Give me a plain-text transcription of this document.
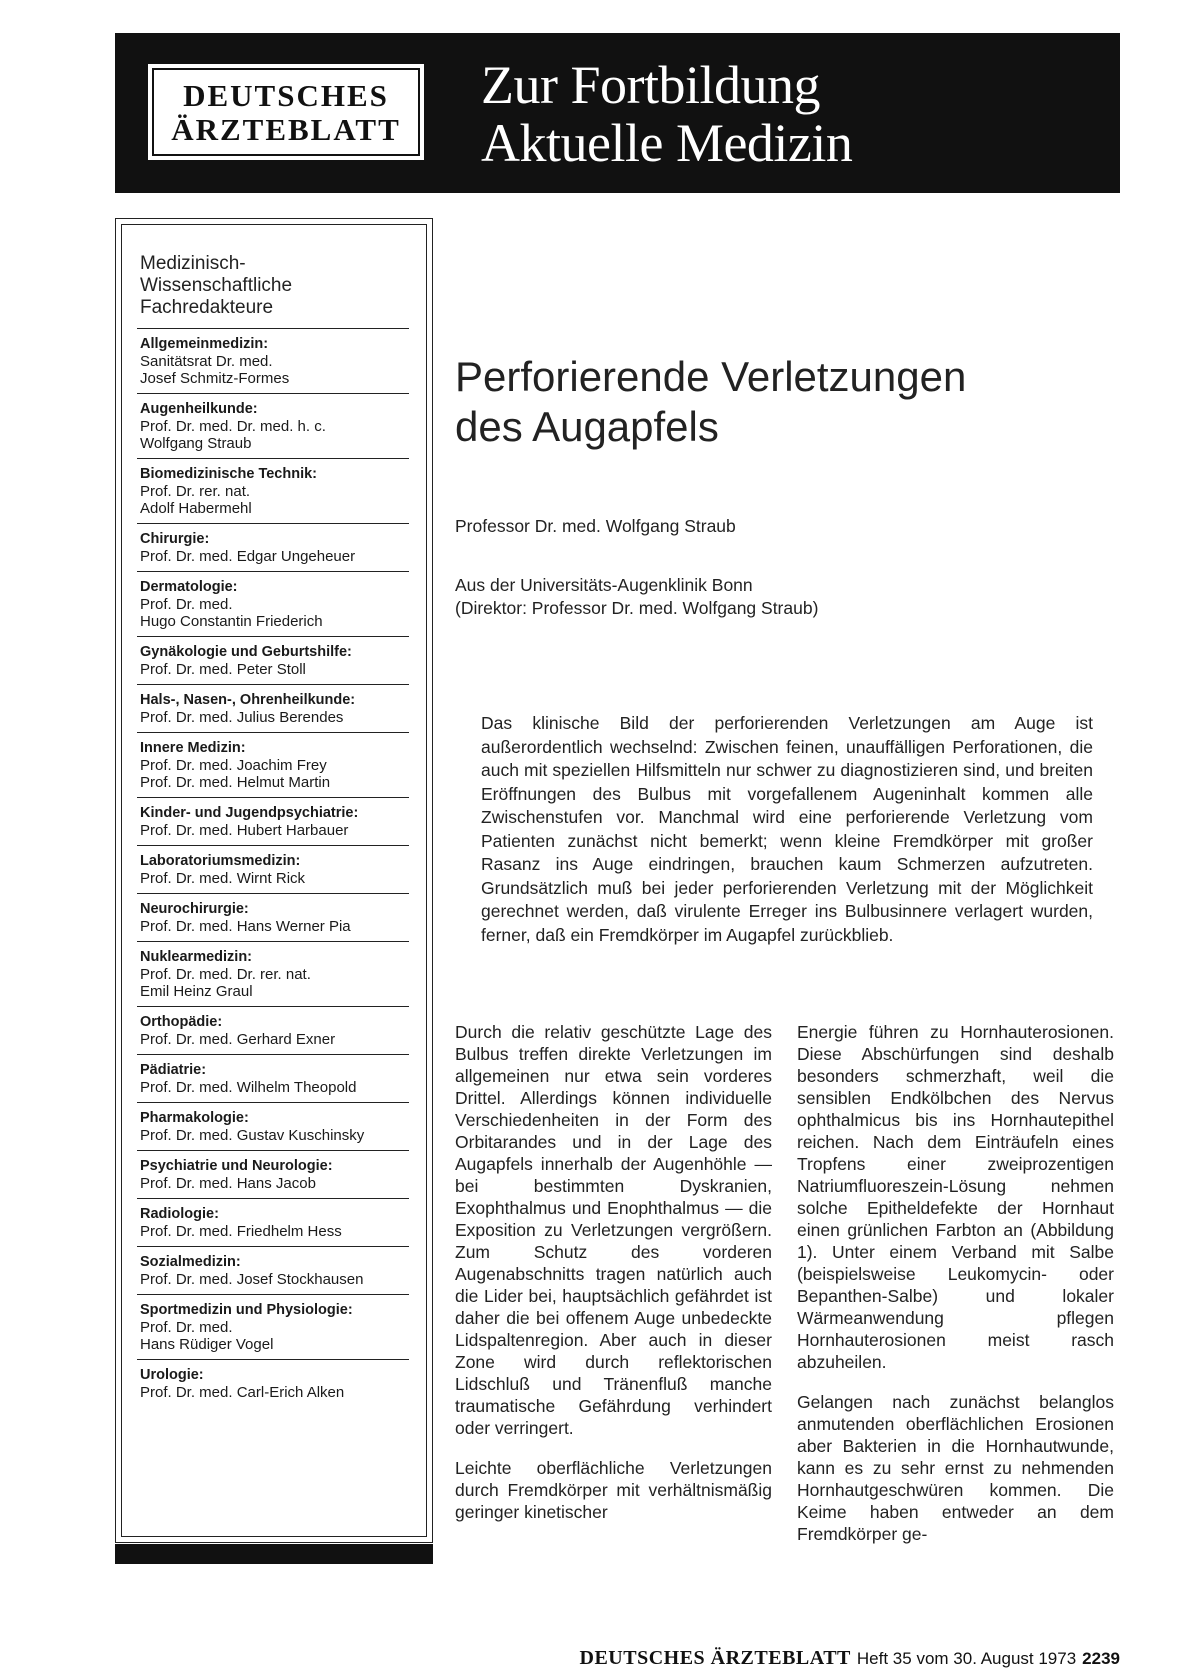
DEUTSCHES
ÄRZTEBLATT
Zur Fortbildung
Aktuelle Medizin
Medizinisch-
Wissenschaftliche
Fachredakteure
Allgemeinmedizin:
Sanitätsrat Dr. med.
Josef Schmitz-Formes
Augenheilkunde:
Prof. Dr. med. Dr. med. h. c.
Wolfgang Straub
Biomedizinische Technik:
Prof. Dr. rer. nat.
Adolf Habermehl
Chirurgie:
Prof. Dr. med. Edgar Ungeheuer
Dermatologie:
Prof. Dr. med.
Hugo Constantin Friederich
Gynäkologie und Geburtshilfe:
Prof. Dr. med. Peter Stoll
Hals-, Nasen-, Ohrenheilkunde:
Prof. Dr. med. Julius Berendes
Innere Medizin:
Prof. Dr. med. Joachim Frey
Prof. Dr. med. Helmut Martin
Kinder- und Jugendpsychiatrie:
Prof. Dr. med. Hubert Harbauer
Laboratoriumsmedizin:
Prof. Dr. med. Wirnt Rick
Neurochirurgie:
Prof. Dr. med. Hans Werner Pia
Nuklearmedizin:
Prof. Dr. med. Dr. rer. nat.
Emil Heinz Graul
Orthopädie:
Prof. Dr. med. Gerhard Exner
Pädiatrie:
Prof. Dr. med. Wilhelm Theopold
Pharmakologie:
Prof. Dr. med. Gustav Kuschinsky
Psychiatrie und Neurologie:
Prof. Dr. med. Hans Jacob
Radiologie:
Prof. Dr. med. Friedhelm Hess
Sozialmedizin:
Prof. Dr. med. Josef Stockhausen
Sportmedizin und Physiologie:
Prof. Dr. med.
Hans Rüdiger Vogel
Urologie:
Prof. Dr. med. Carl-Erich Alken
Perforierende Verletzungen
des Augapfels
Professor Dr. med. Wolfgang Straub
Aus der Universitäts-Augenklinik Bonn
(Direktor: Professor Dr. med. Wolfgang Straub)

Das klinische Bild der perforierenden Verletzungen am Auge ist außerordentlich wechselnd: Zwischen feinen, unauffälligen Perforationen, die auch mit speziellen Hilfsmitteln nur schwer zu diagnostizieren sind, und breiten Eröffnungen des Bulbus mit vorgefallenem Augeninhalt kommen alle Zwischenstufen vor. Manchmal wird eine perforierende Verletzung vom Patienten zunächst nicht bemerkt; wenn kleine Fremdkörper mit großer Rasanz ins Auge eindringen, brauchen kaum Schmerzen aufzutreten. Grundsätzlich muß bei jeder perforierenden Verletzung mit der Möglichkeit gerechnet werden, daß virulente Erreger ins Bulbusinnere verlagert wurden, ferner, daß ein Fremdkörper im Augapfel zurückblieb.

Durch die relativ geschützte Lage des Bulbus treffen direkte Verletzungen im allgemeinen nur etwa sein vorderes Drittel. Allerdings können individuelle Verschiedenheiten in der Form des Orbitarandes und in der Lage des Augapfels innerhalb der Augenhöhle — bei bestimmten Dyskranien, Exophthalmus und Enophthalmus — die Exposition zu Verletzungen vergrößern. Zum Schutz des vorderen Augenabschnitts tragen natürlich auch die Lider bei, hauptsächlich gefährdet ist daher die bei offenem Auge unbedeckte Lidspaltenregion. Aber auch in dieser Zone wird durch reflektorischen Lidschluß und Tränenfluß manche traumatische Gefährdung verhindert oder verringert.

Leichte oberflächliche Verletzungen durch Fremdkörper mit verhältnismäßig geringer kinetischer

Energie führen zu Hornhauterosionen. Diese Abschürfungen sind deshalb besonders schmerzhaft, weil die sensiblen Endkölbchen des Nervus ophthalmicus bis ins Hornhautepithel reichen. Nach dem Einträufeln eines Tropfens einer zweiprozentigen Natriumfluoreszein-Lösung nehmen solche Epitheldefekte der Hornhaut einen grünlichen Farbton an (Abbildung 1). Unter einem Verband mit Salbe (beispielsweise Leukomycin- oder Bepanthen-Salbe) und lokaler Wärmeanwendung pflegen Hornhauterosionen meist rasch abzuheilen.

Gelangen nach zunächst belanglos anmutenden oberflächlichen Erosionen aber Bakterien in die Hornhautwunde, kann es zu sehr ernst zu nehmenden Hornhautgeschwüren kommen. Die Keime haben entweder an dem Fremdkörper ge-

DEUTSCHES ÄRZTEBLATT Heft 35 vom 30. August 1973 2239
